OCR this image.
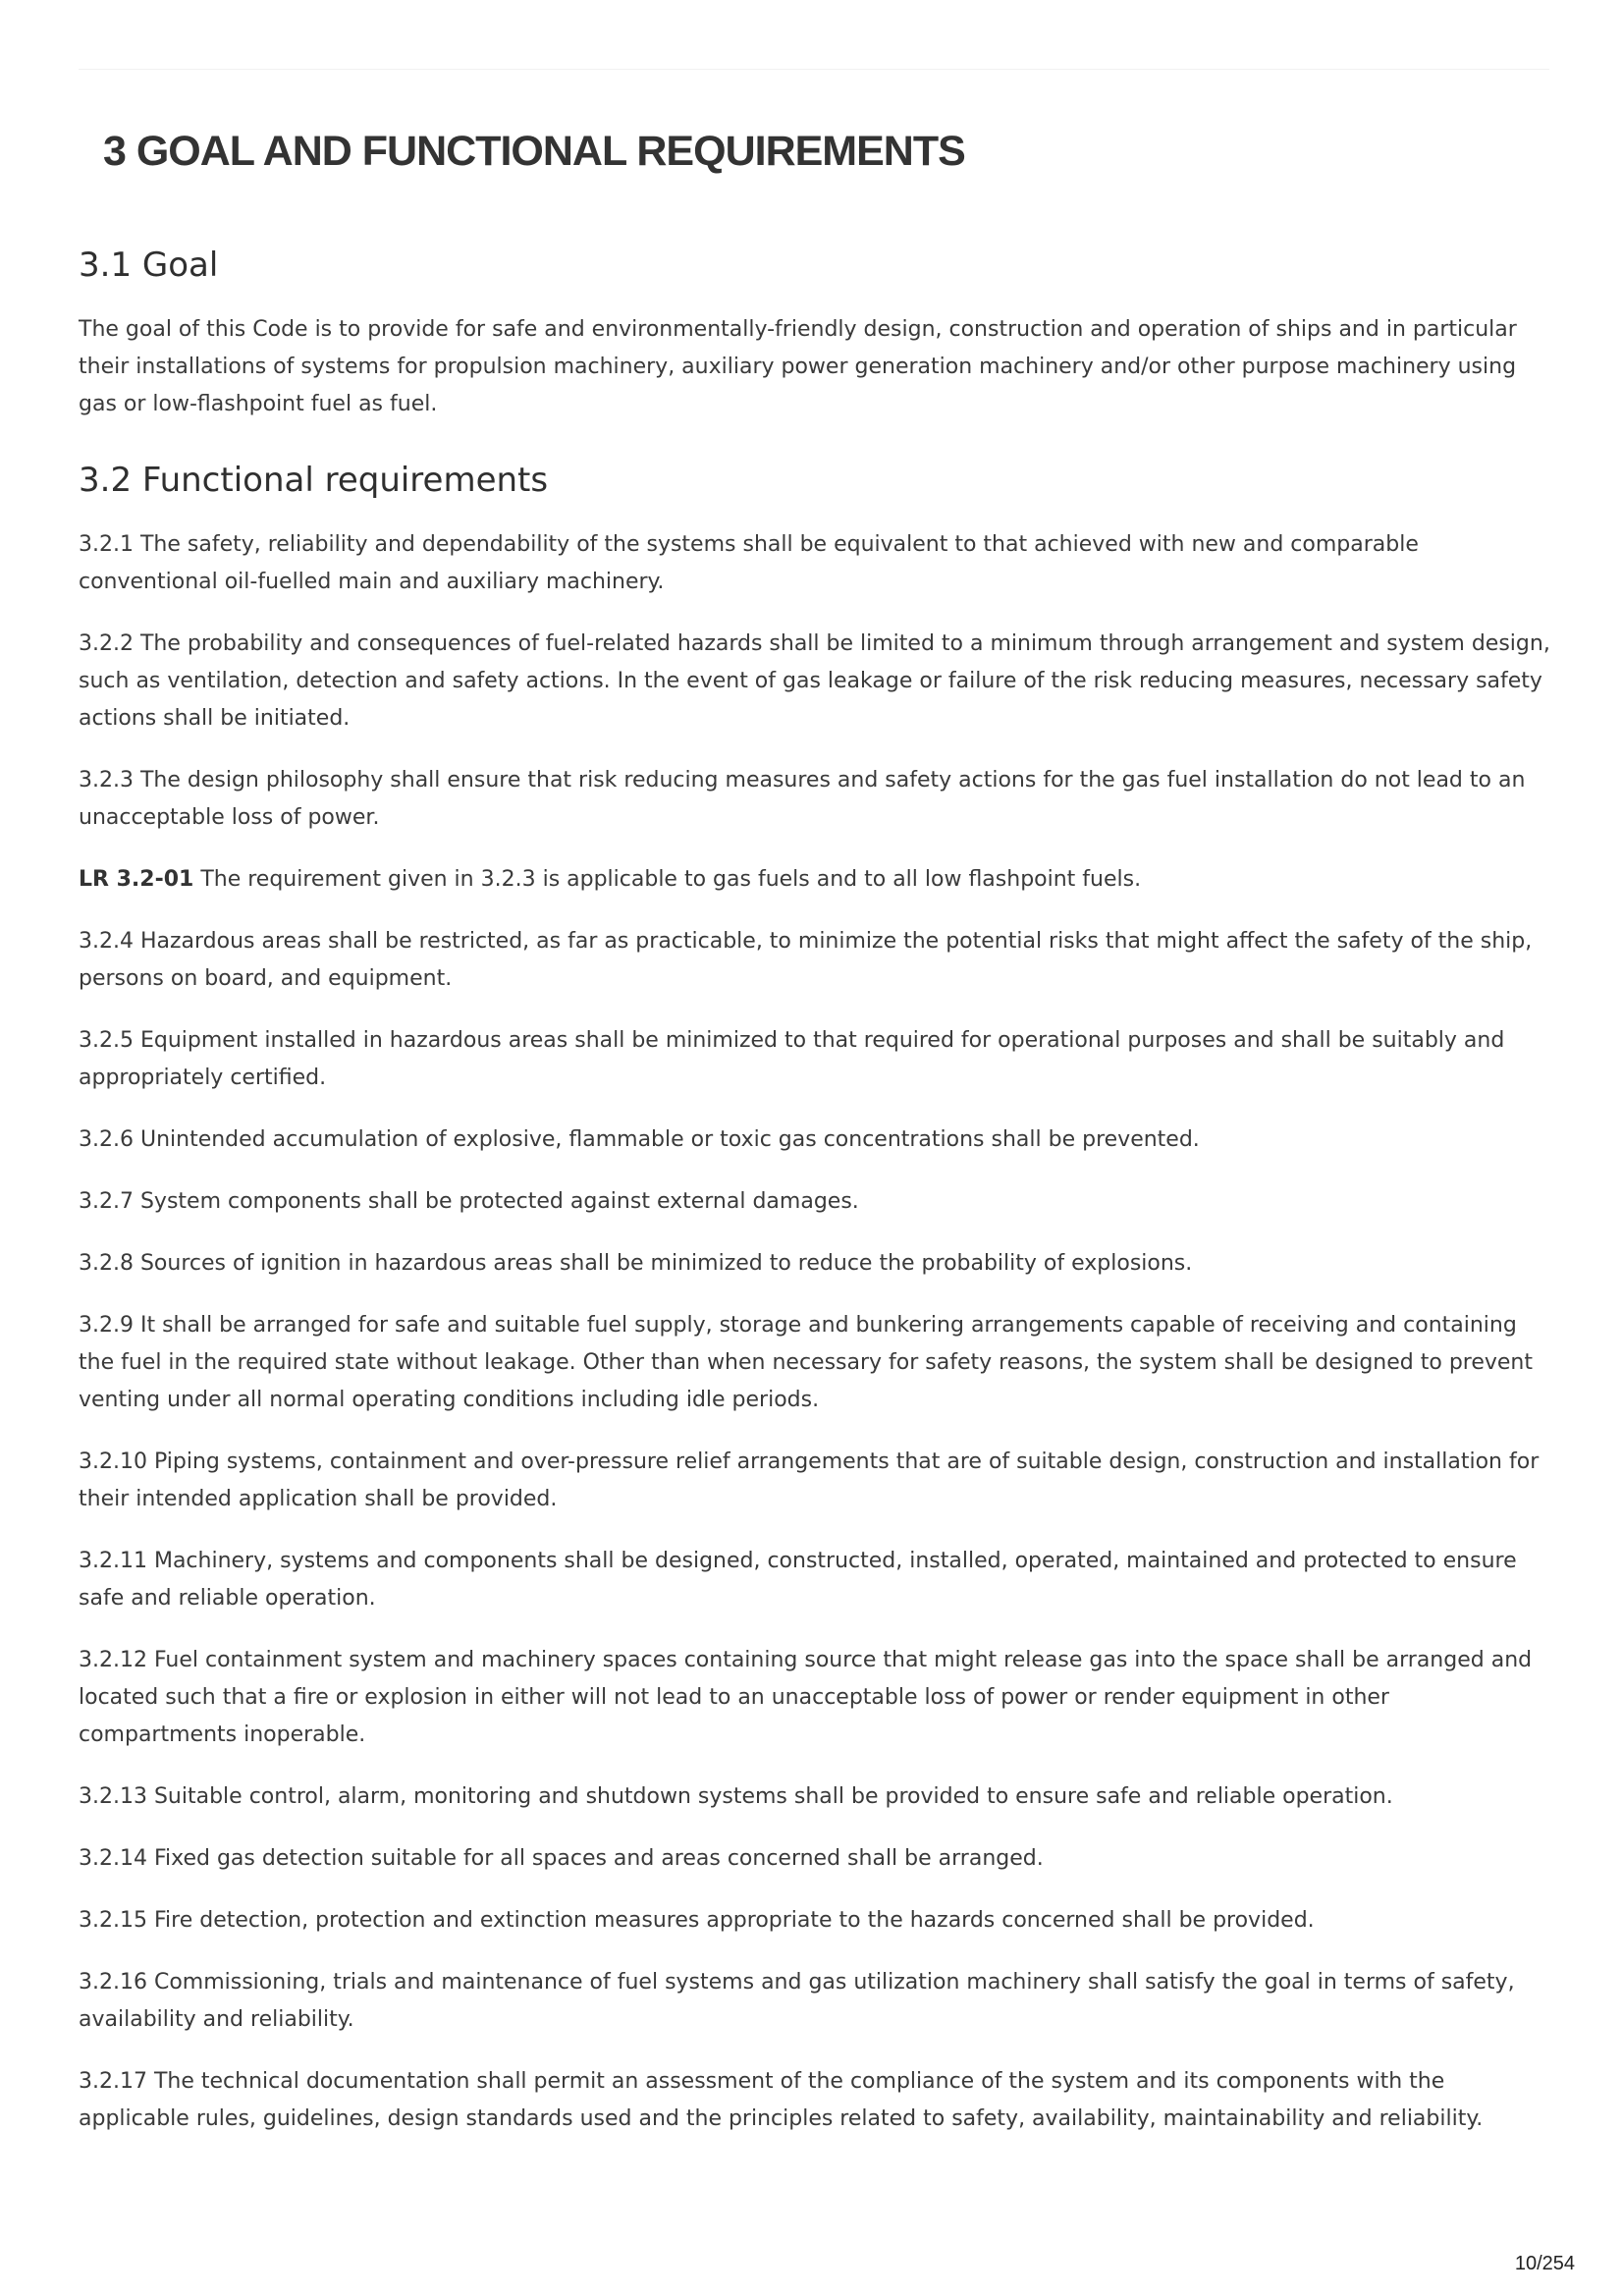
3 GOAL AND FUNCTIONAL REQUIREMENTS
3.1 Goal

The goal of this Code is to provide for safe and environmentally-friendly design, construction and operation of ships and in particular their installations of systems for propulsion machinery, auxiliary power generation machinery and/or other purpose machinery using gas or low-flashpoint fuel as fuel.

3.2 Functional requirements

3.2.1 The safety, reliability and dependability of the systems shall be equivalent to that achieved with new and comparable conventional oil-fuelled main and auxiliary machinery.

3.2.2 The probability and consequences of fuel-related hazards shall be limited to a minimum through arrangement and system design, such as ventilation, detection and safety actions. In the event of gas leakage or failure of the risk reducing measures, necessary safety actions shall be initiated.

3.2.3 The design philosophy shall ensure that risk reducing measures and safety actions for the gas fuel installation do not lead to an unacceptable loss of power.

LR 3.2-01 The requirement given in 3.2.3 is applicable to gas fuels and to all low flashpoint fuels.

3.2.4 Hazardous areas shall be restricted, as far as practicable, to minimize the potential risks that might affect the safety of the ship, persons on board, and equipment.

3.2.5 Equipment installed in hazardous areas shall be minimized to that required for operational purposes and shall be suitably and appropriately certified.

3.2.6 Unintended accumulation of explosive, flammable or toxic gas concentrations shall be prevented.

3.2.7 System components shall be protected against external damages.

3.2.8 Sources of ignition in hazardous areas shall be minimized to reduce the probability of explosions.

3.2.9 It shall be arranged for safe and suitable fuel supply, storage and bunkering arrangements capable of receiving and containing the fuel in the required state without leakage. Other than when necessary for safety reasons, the system shall be designed to prevent venting under all normal operating conditions including idle periods.

3.2.10 Piping systems, containment and over-pressure relief arrangements that are of suitable design, construction and installation for their intended application shall be provided.

3.2.11 Machinery, systems and components shall be designed, constructed, installed, operated, maintained and protected to ensure safe and reliable operation.

3.2.12 Fuel containment system and machinery spaces containing source that might release gas into the space shall be arranged and located such that a fire or explosion in either will not lead to an unacceptable loss of power or render equipment in other compartments inoperable.

3.2.13 Suitable control, alarm, monitoring and shutdown systems shall be provided to ensure safe and reliable operation.

3.2.14 Fixed gas detection suitable for all spaces and areas concerned shall be arranged.

3.2.15 Fire detection, protection and extinction measures appropriate to the hazards concerned shall be provided.

3.2.16 Commissioning, trials and maintenance of fuel systems and gas utilization machinery shall satisfy the goal in terms of safety, availability and reliability.

3.2.17 The technical documentation shall permit an assessment of the compliance of the system and its components with the applicable rules, guidelines, design standards used and the principles related to safety, availability, maintainability and reliability.

10/254
